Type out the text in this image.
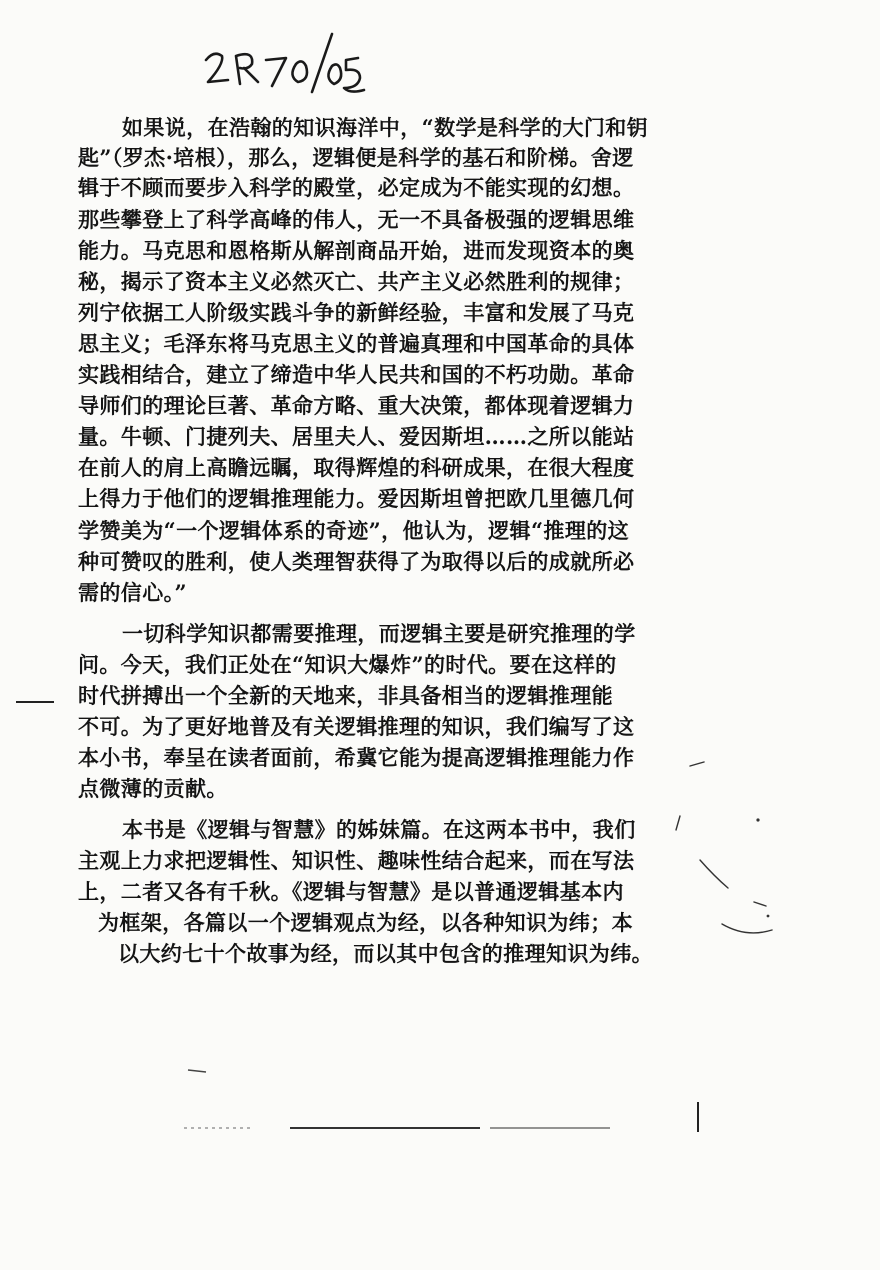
如果说，在浩翰的知识海洋中，“数学是科学的大门和钥
匙”（罗杰·培根），那么，逻辑便是科学的基石和阶梯。舍逻
辑于不顾而要步入科学的殿堂，必定成为不能实现的幻想。
那些攀登上了科学高峰的伟人，无一不具备极强的逻辑思维
能力。马克思和恩格斯从解剖商品开始，进而发现资本的奥
秘，揭示了资本主义必然灭亡、共产主义必然胜利的规律；
列宁依据工人阶级实践斗争的新鲜经验，丰富和发展了马克
思主义；毛泽东将马克思主义的普遍真理和中国革命的具体
实践相结合，建立了缔造中华人民共和国的不朽功勋。革命
导师们的理论巨著、革命方略、重大决策，都体现着逻辑力
量。牛顿、门捷列夫、居里夫人、爱因斯坦……之所以能站
在前人的肩上高瞻远瞩，取得辉煌的科研成果，在很大程度
上得力于他们的逻辑推理能力。爱因斯坦曾把欧几里德几何
学赞美为“一个逻辑体系的奇迹”，他认为，逻辑“推理的这
种可赞叹的胜利，使人类理智获得了为取得以后的成就所必
需的信心。”
一切科学知识都需要推理，而逻辑主要是研究推理的学
问。今天，我们正处在“知识大爆炸”的时代。要在这样的
时代拼搏出一个全新的天地来，非具备相当的逻辑推理能
不可。为了更好地普及有关逻辑推理的知识，我们编写了这
本小书，奉呈在读者面前，希冀它能为提高逻辑推理能力作
点微薄的贡献。
本书是《逻辑与智慧》的姊妹篇。在这两本书中，我们
主观上力求把逻辑性、知识性、趣味性结合起来，而在写法
上，二者又各有千秋。《逻辑与智慧》是以普通逻辑基本内
为框架，各篇以一个逻辑观点为经，以各种知识为纬；本
以大约七十个故事为经，而以其中包含的推理知识为纬。
